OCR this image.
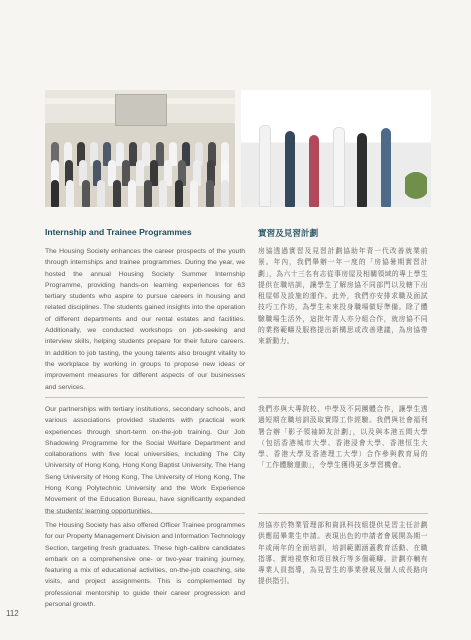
Internship and Trainee Programmes	實習及見習計劃

The Housing Society enhances the career prospects of the youth through internships and trainee programmes. During the year, we hosted the annual Housing Society Summer Internship Programme, providing hands-on learning experiences for 63 tertiary students who aspire to pursue careers in housing and related disciplines. The students gained insights into the operation of different departments and our rental estates and facilities. Additionally, we conducted workshops on job-seeking and interview skills, helping students prepare for their future careers. In addition to job tasting, the young talents also brought vitality to the workplace by working in groups to propose new ideas or improvement measures for different aspects of our businesses and services.

房協透過實習及見習計劃協助年青一代改善就業前景。年內，我們舉辦一年一度的「房協暑期實習計劃」，為六十三名有志從事房屋及相關領域的專上學生提供在職培訓，讓學生了解房協不同部門以及轄下出租屋邨及設施的運作。此外，我們亦安排求職及面試技巧工作坊，為學生未來投身職場做好準備。除了體驗職場生活外，這批年青人亦分組合作，就房協不同的業務範疇及服務提出新構思或改善建議，為房協帶來新動力。

Our partnerships with tertiary institutions, secondary schools, and various associations provided students with practical work experiences through short-term on-the-job training. Our Job Shadowing Programme for the Social Welfare Department and collaborations with five local universities, including The City University of Hong Kong, Hong Kong Baptist University, The Hang Seng University of Hong Kong, The University of Hong Kong, The Hong Kong Polytechnic University and the Work Experience Movement of the Education Bureau, have significantly expanded the students' learning opportunities.

我們亦與大專院校、中學及不同團體合作，讓學生透過短期在職培訓汲取實際工作經驗。我們與社會福利署合辦「影子領袖師友計劃」，以及與本港五間大學（包括香港城市大學、香港浸會大學、香港恒生大學、香港大學及香港理工大學）合作參與教育局的「工作體驗運動」，令學生獲得更多學習機會。

The Housing Society has also offered Officer Trainee programmes for our Property Management Division and Information Technology Section, targeting fresh graduates. These high-calibre candidates embark on a comprehensive one- or two-year training journey, featuring a mix of educational activities, on-the-job coaching, site visits, and project assignments. This is complemented by professional mentorship to guide their career progression and personal growth.

房協亦於物業管理部和資訊科技組提供見習主任計劃供應屆畢業生申請。表現出色的申請者會展開為期一年或兩年的全面培訓，培訓範圍涵蓋教育活動、在職指導、實地視察和項目執行等多個範疇。計劃亦輔有專業人員指導，為見習生的事業發展及個人成長路向提供指引。

112
